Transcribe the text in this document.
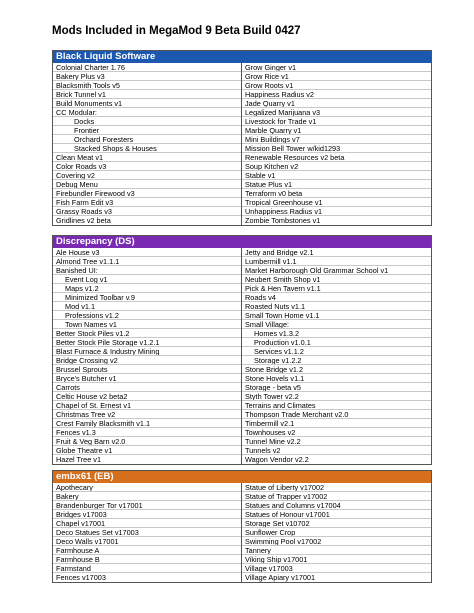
Mods Included in MegaMod 9 Beta Build 0427
Black Liquid Software
Colonial Charter 1.76
Bakery Plus v3
Blacksmith Tools v5
Brick Tunnel v1
Build Monuments v1
CC Modular:
Docks
Frontier
Orchard Foresters
Stacked Shops & Houses
Clean Meat v1
Color Roads v3
Covering v2
Debug Menu
Firebundler Firewood v3
Fish Farm Edit v3
Grassy Roads v3
Gridlines v2 beta
Grow Ginger v1
Grow Rice v1
Grow Roots v1
Happiness Radius v2
Jade Quarry v1
Legalized Marijuana v3
Livestock for Trade v1
Marble Quarry v1
Mini Buildings v7
Mission Bell Tower w/kid1293
Renewable Resources v2 beta
Soup Kitchen v2
Stable v1
Statue Plus v1
Terraform v0 beta
Tropical Greenhouse v1
Unhappiness Radius v1
Zombie Tombstones v1
Discrepancy (DS)
Ale House v3
Almond Tree v1.1.1
Banished UI:
Event Log v1
Maps v1.2
Minimized Toolbar v.9
Mod v1.1
Professions v1.2
Town Names v1
Better Stock Piles v1.2
Better Stock Pile Storage v1.2.1
Blast Furnace & Industry Mining
Bridge Crossing v2
Brussel Sprouts
Bryce's Butcher v1
Carrots
Celtic House v2 beta2
Chapel of St. Ernest v1
Christmas Tree v2
Crest Family Blacksmith v1.1
Fences v1.3
Fruit & Veg Barn v2.0
Globe Theatre v1
Hazel Tree v1
Jetty and Bridge v2.1
Lumbermill v1.1
Market Harborough Old Grammar School v1
Neubert Smith Shop v1
Pick & Hen Tavern v1.1
Roads v4
Roasted Nuts v1.1
Small Town Home v1.1
Small Village:
Homes v1.3.2
Production v1.0.1
Services v1.1.2
Storage v1.2.2
Stone Bridge v1.2
Stone Hovels v1.1
Storage - beta v5
Styth Tower v2.2
Terrains and Climates
Thompson Trade Merchant v2.0
Timbermill v2.1
Townhouses v2
Tunnel Mine v2.2
Tunnels v2
Wagon Vendor v2.2
embx61 (EB)
Apothecary
Bakery
Brandenburger Tor v17001
Bridges v17003
Chapel v17001
Deco Statues Set v17003
Deco Walls v17001
Farmhouse A
Farmhouse B
Farmstand
Fences v17003
Statue of Liberty v17002
Statue of Trapper v17002
Statues and Columns v17004
Statues of Honour v17001
Storage Set v10702
Sunflower Crop
Swimming Pool v17002
Tannery
Viking Ship v17001
Village v17003
Village Apiary v17001
